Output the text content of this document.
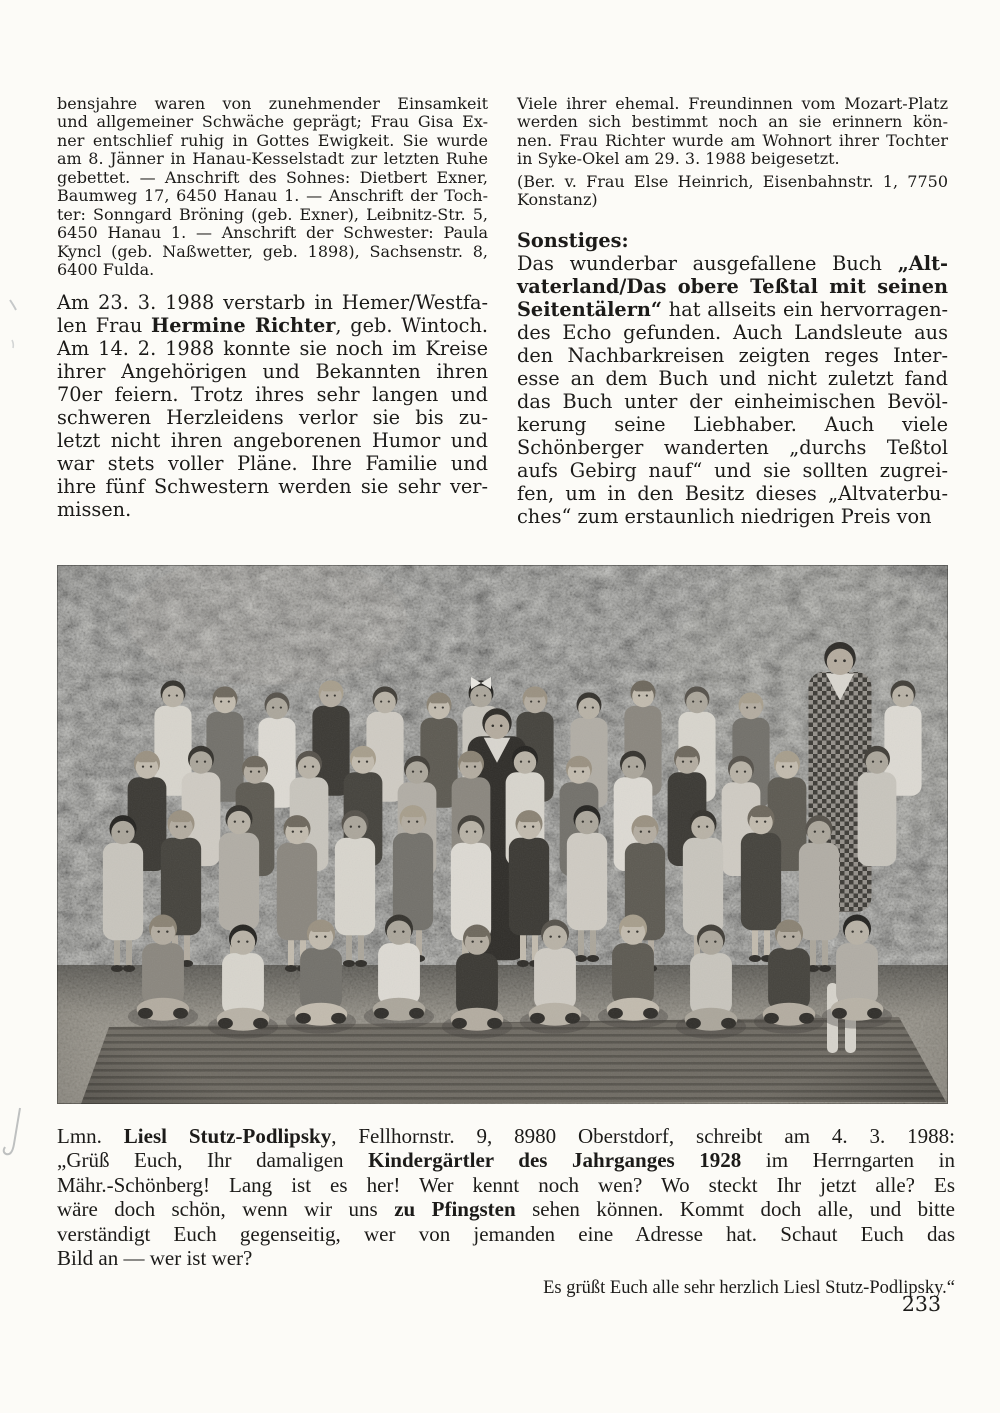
bensjahre waren von zunehmender Einsamkeit
und allgemeiner Schwäche geprägt; Frau Gisa Ex-
ner entschlief ruhig in Gottes Ewigkeit. Sie wurde
am 8. Jänner in Hanau-Kesselstadt zur letzten Ruhe
gebettet. — Anschrift des Sohnes: Dietbert Exner,
Baumweg 17, 6450 Hanau 1. — Anschrift der Toch-
ter: Sonngard Bröning (geb. Exner), Leibnitz-Str. 5,
6450 Hanau 1. — Anschrift der Schwester: Paula
Kyncl (geb. Naßwetter, geb. 1898), Sachsenstr. 8,
6400 Fulda.
Am 23. 3. 1988 verstarb in Hemer/Westfa-
len Frau Hermine Richter, geb. Wintoch.
Am 14. 2. 1988 konnte sie noch im Kreise
ihrer Angehörigen und Bekannten ihren
70er feiern. Trotz ihres sehr langen und
schweren Herzleidens verlor sie bis zu-
letzt nicht ihren angeborenen Humor und
war stets voller Pläne. Ihre Familie und
ihre fünf Schwestern werden sie sehr ver-
missen.
Viele ihrer ehemal. Freundinnen vom Mozart-Platz
werden sich bestimmt noch an sie erinnern kön-
nen. Frau Richter wurde am Wohnort ihrer Tochter
in Syke-Okel am 29. 3. 1988 beigesetzt.
(Ber. v. Frau Else Heinrich, Eisenbahnstr. 1, 7750
Konstanz)
Sonstiges:
Das wunderbar ausgefallene Buch „Alt-
vaterland/Das obere Teßtal mit seinen
Seitentälern“ hat allseits ein hervorragen-
des Echo gefunden. Auch Landsleute aus
den Nachbarkreisen zeigten reges Inter-
esse an dem Buch und nicht zuletzt fand
das Buch unter der einheimischen Bevöl-
kerung seine Liebhaber. Auch viele
Schönberger wanderten „durchs Teßtol
aufs Gebirg nauf“ und sie sollten zugrei-
fen, um in den Besitz dieses „Altvaterbu-
ches“ zum erstaunlich niedrigen Preis von
Lmn. Liesl Stutz-Podlipsky, Fellhornstr. 9, 8980 Oberstdorf, schreibt am 4. 3. 1988:
„Grüß Euch, Ihr damaligen Kindergärtler des Jahrganges 1928 im Herrngarten in
Mähr.-Schönberg! Lang ist es her! Wer kennt noch wen? Wo steckt Ihr jetzt alle? Es
wäre doch schön, wenn wir uns zu Pfingsten sehen können. Kommt doch alle, und bitte
verständigt Euch gegenseitig, wer von jemanden eine Adresse hat. Schaut Euch das
Bild an — wer ist wer?
Es grüßt Euch alle sehr herzlich Liesl Stutz-Podlipsky.“
233
